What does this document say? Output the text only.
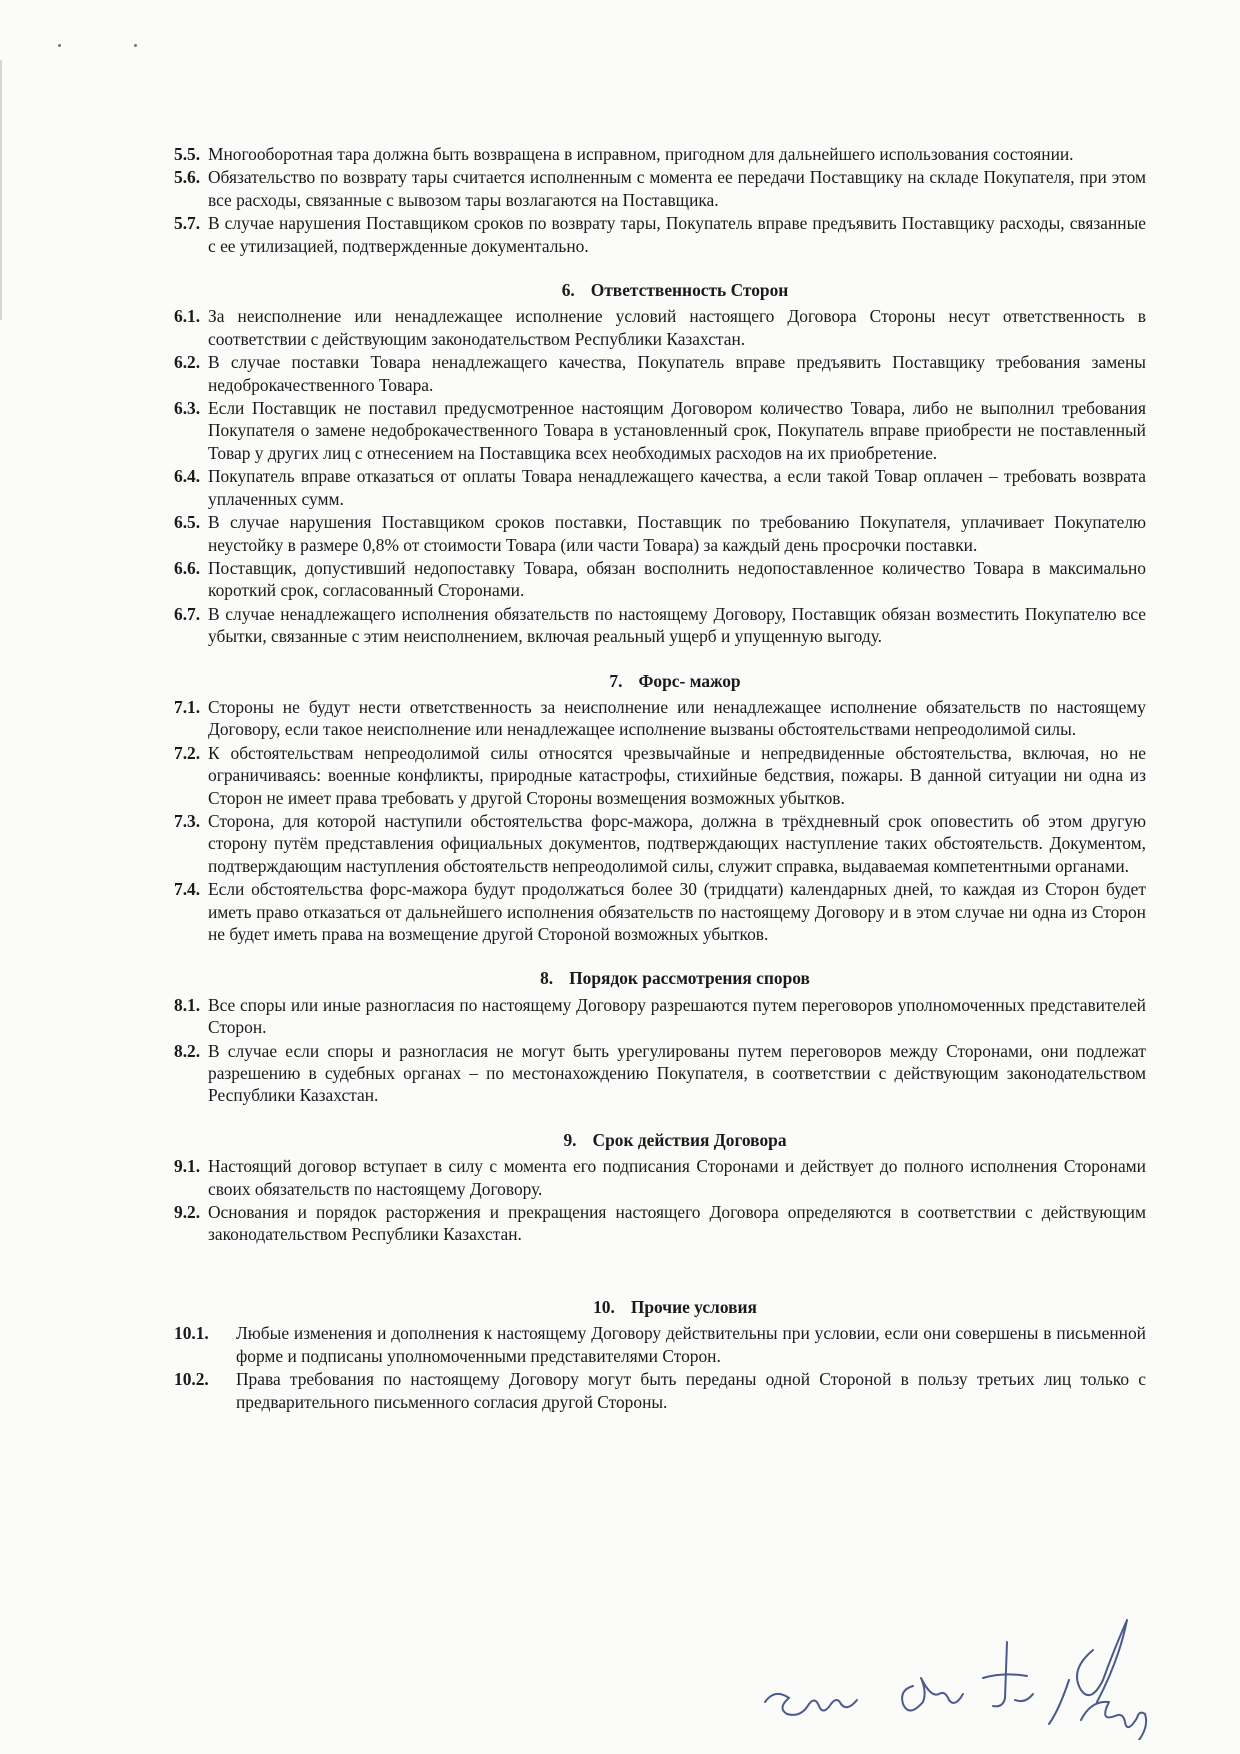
5.5. Многооборотная тара должна быть возвращена в исправном, пригодном для дальнейшего использования состоянии.
5.6. Обязательство по возврату тары считается исполненным с момента ее передачи Поставщику на складе Покупателя, при этом все расходы, связанные с вывозом тары возлагаются на Поставщика.
5.7. В случае нарушения Поставщиком сроков по возврату тары, Покупатель вправе предъявить Поставщику расходы, связанные с ее утилизацией, подтвержденные документально.
6. Ответственность Сторон
6.1. За неисполнение или ненадлежащее исполнение условий настоящего Договора Стороны несут ответственность в соответствии с действующим законодательством Республики Казахстан.
6.2. В случае поставки Товара ненадлежащего качества, Покупатель вправе предъявить Поставщику требования замены недоброкачественного Товара.
6.3. Если Поставщик не поставил предусмотренное настоящим Договором количество Товара, либо не выполнил требования Покупателя о замене недоброкачественного Товара в установленный срок, Покупатель вправе приобрести не поставленный Товар у других лиц с отнесением на Поставщика всех необходимых расходов на их приобретение.
6.4. Покупатель вправе отказаться от оплаты Товара ненадлежащего качества, а если такой Товар оплачен – требовать возврата уплаченных сумм.
6.5. В случае нарушения Поставщиком сроков поставки, Поставщик по требованию Покупателя, уплачивает Покупателю неустойку в размере 0,8% от стоимости Товара (или части Товара) за каждый день просрочки поставки.
6.6. Поставщик, допустивший недопоставку Товара, обязан восполнить недопоставленное количество Товара в максимально короткий срок, согласованный Сторонами.
6.7. В случае ненадлежащего исполнения обязательств по настоящему Договору, Поставщик обязан возместить Покупателю все убытки, связанные с этим неисполнением, включая реальный ущерб и упущенную выгоду.
7. Форс- мажор
7.1. Стороны не будут нести ответственность за неисполнение или ненадлежащее исполнение обязательств по настоящему Договору, если такое неисполнение или ненадлежащее исполнение вызваны обстоятельствами непреодолимой силы.
7.2. К обстоятельствам непреодолимой силы относятся чрезвычайные и непредвиденные обстоятельства, включая, но не ограничиваясь: военные конфликты, природные катастрофы, стихийные бедствия, пожары. В данной ситуации ни одна из Сторон не имеет права требовать у другой Стороны возмещения возможных убытков.
7.3. Сторона, для которой наступили обстоятельства форс-мажора, должна в трёхдневный срок оповестить об этом другую сторону путём представления официальных документов, подтверждающих наступление таких обстоятельств. Документом, подтверждающим наступления обстоятельств непреодолимой силы, служит справка, выдаваемая компетентными органами.
7.4. Если обстоятельства форс-мажора будут продолжаться более 30 (тридцати) календарных дней, то каждая из Сторон будет иметь право отказаться от дальнейшего исполнения обязательств по настоящему Договору и в этом случае ни одна из Сторон не будет иметь права на возмещение другой Стороной возможных убытков.
8. Порядок рассмотрения споров
8.1. Все споры или иные разногласия по настоящему Договору разрешаются путем переговоров уполномоченных представителей Сторон.
8.2. В случае если споры и разногласия не могут быть урегулированы путем переговоров между Сторонами, они подлежат разрешению в судебных органах – по местонахождению Покупателя, в соответствии с действующим законодательством Республики Казахстан.
9. Срок действия Договора
9.1. Настоящий договор вступает в силу с момента его подписания Сторонами и действует до полного исполнения Сторонами своих обязательств по настоящему Договору.
9.2. Основания и порядок расторжения и прекращения настоящего Договора определяются в соответствии с действующим законодательством Республики Казахстан.
10. Прочие условия
10.1.	Любые изменения и дополнения к настоящему Договору действительны при условии, если они совершены в письменной форме и подписаны уполномоченными представителями Сторон.
10.2.	Права требования по настоящему Договору могут быть переданы одной Стороной в пользу третьих лиц только с предварительного письменного согласия другой Стороны.
